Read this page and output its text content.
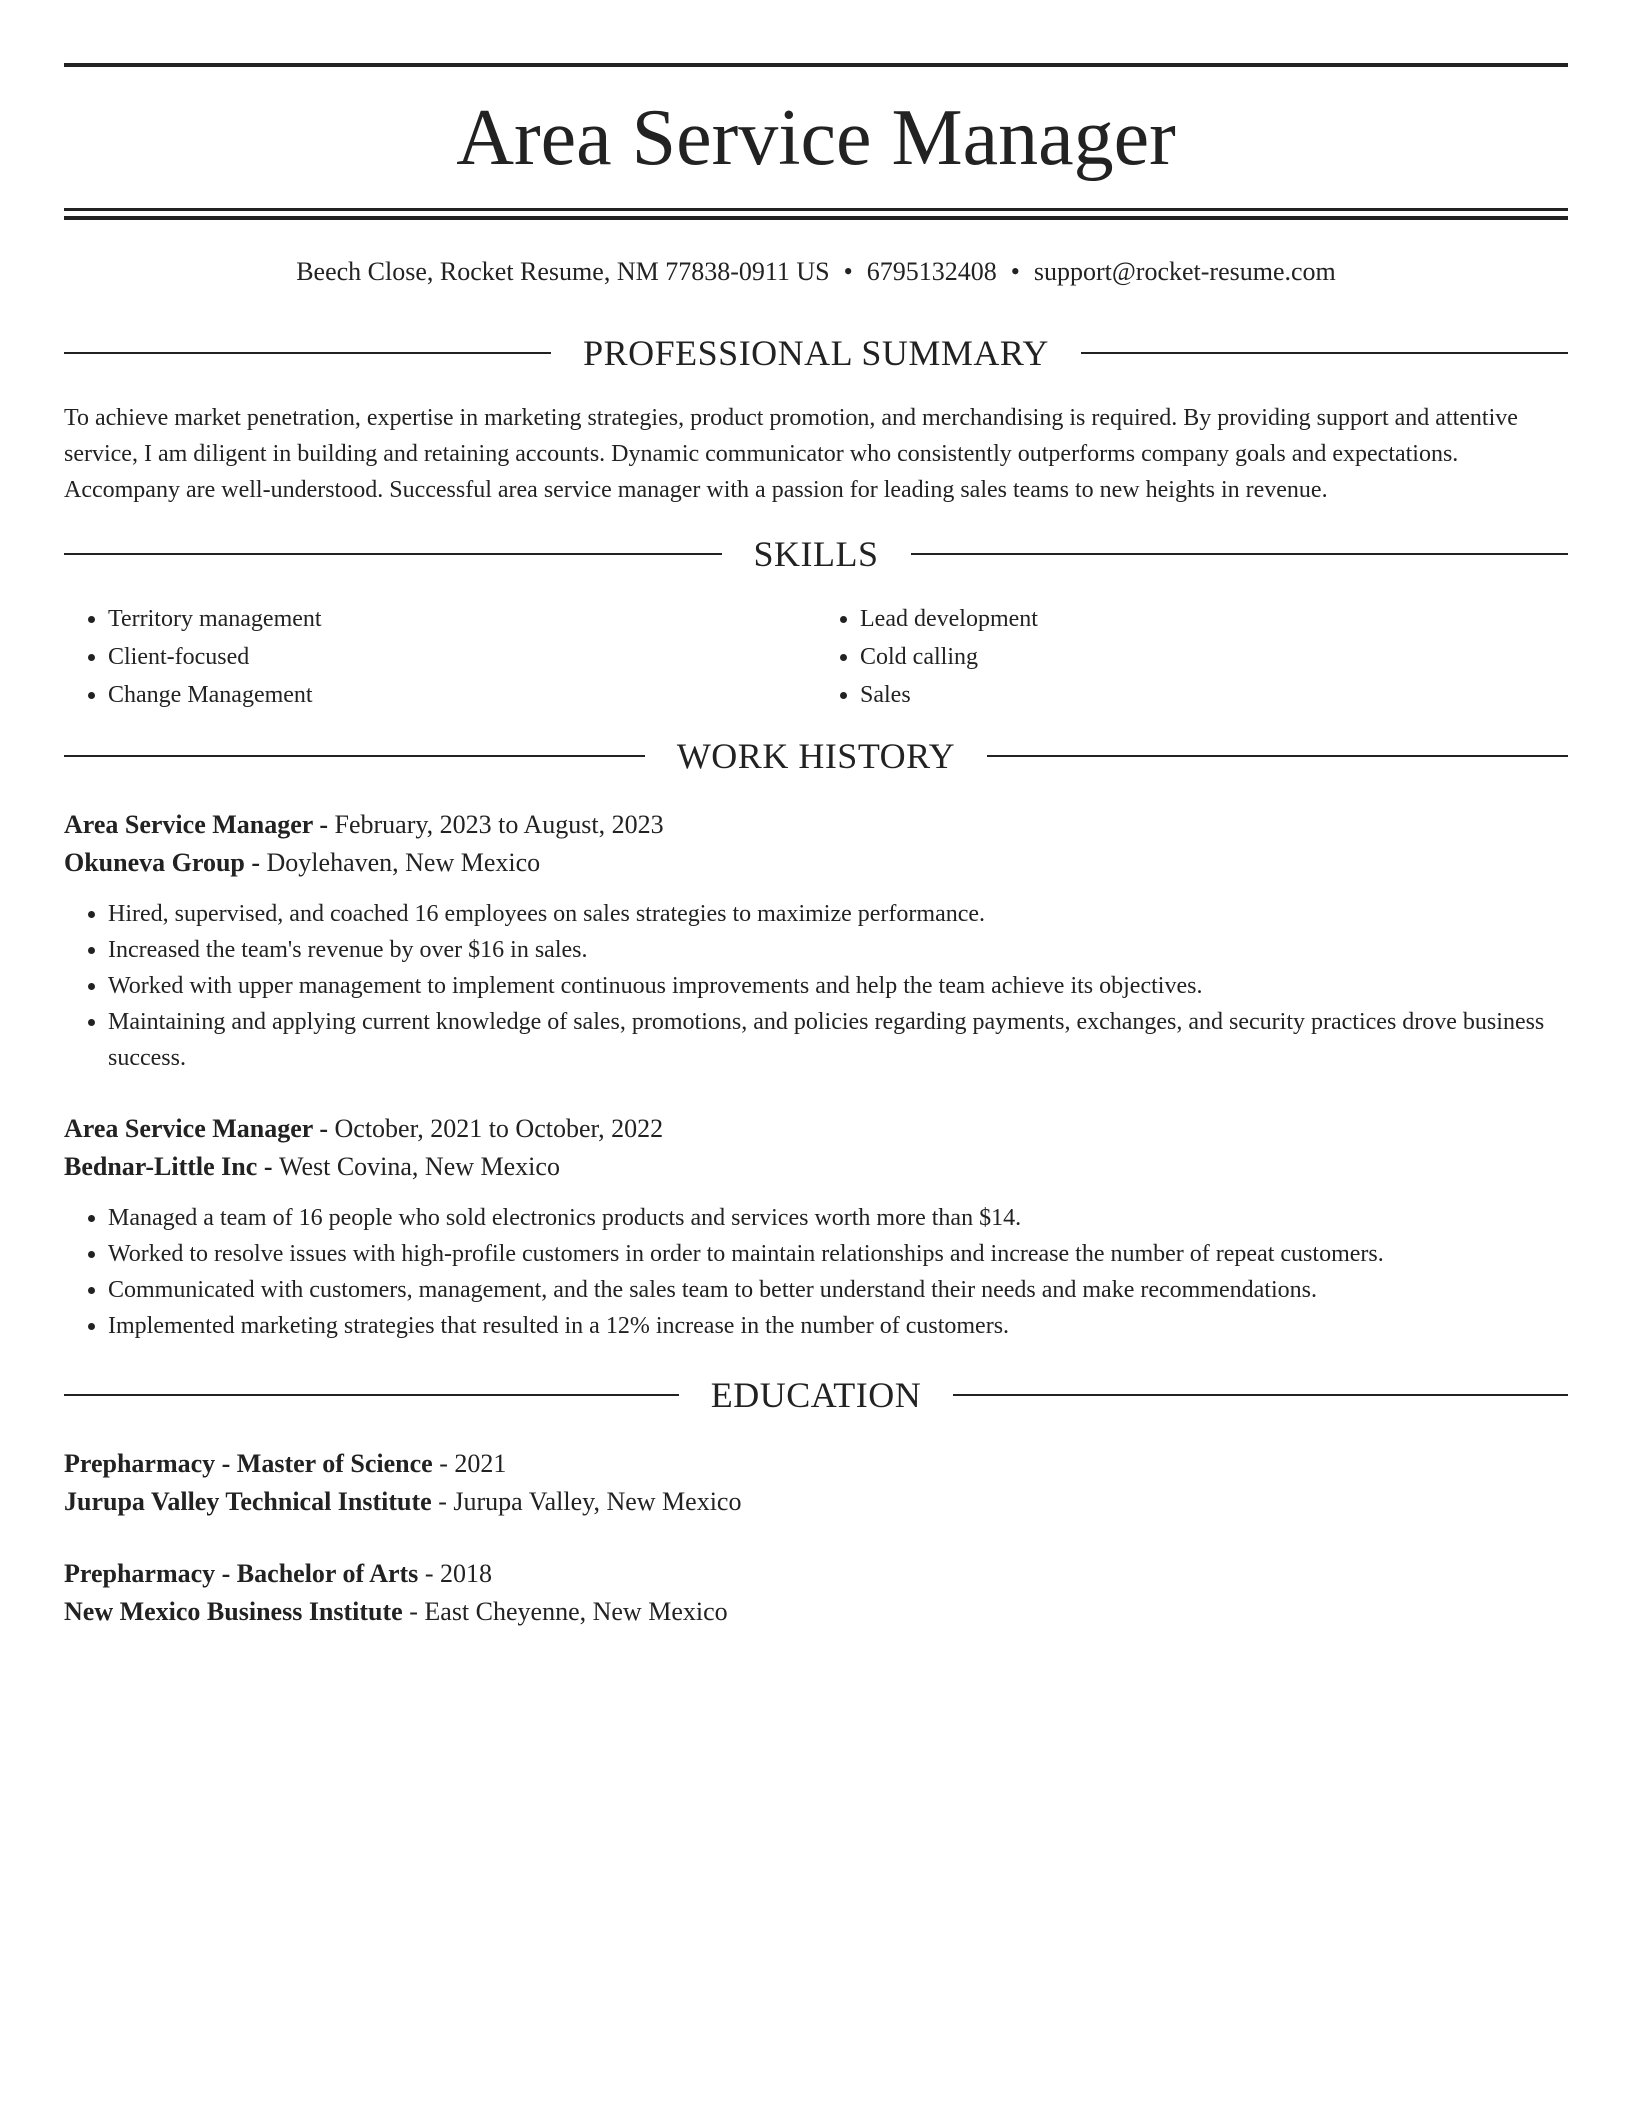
Area Service Manager
Beech Close, Rocket Resume, NM 77838-0911 US • 6795132408 • support@rocket-resume.com
PROFESSIONAL SUMMARY

To achieve market penetration, expertise in marketing strategies, product promotion, and merchandising is required. By providing support and attentive service, I am diligent in building and retaining accounts. Dynamic communicator who consistently outperforms company goals and expectations. Accompany are well-understood. Successful area service manager with a passion for leading sales teams to new heights in revenue.

SKILLS
• Territory management
• Client-focused
• Change Management
• Lead development
• Cold calling
• Sales
WORK HISTORY
Area Service Manager - February, 2023 to August, 2023
Okuneva Group - Doylehaven, New Mexico
• Hired, supervised, and coached 16 employees on sales strategies to maximize performance.
• Increased the team's revenue by over $16 in sales.
• Worked with upper management to implement continuous improvements and help the team achieve its objectives.
• Maintaining and applying current knowledge of sales, promotions, and policies regarding payments, exchanges, and security practices drove business success.
Area Service Manager - October, 2021 to October, 2022
Bednar-Little Inc - West Covina, New Mexico
• Managed a team of 16 people who sold electronics products and services worth more than $14.
• Worked to resolve issues with high-profile customers in order to maintain relationships and increase the number of repeat customers.
• Communicated with customers, management, and the sales team to better understand their needs and make recommendations.
• Implemented marketing strategies that resulted in a 12% increase in the number of customers.
EDUCATION
Prepharmacy - Master of Science - 2021
Jurupa Valley Technical Institute - Jurupa Valley, New Mexico
Prepharmacy - Bachelor of Arts - 2018
New Mexico Business Institute - East Cheyenne, New Mexico
